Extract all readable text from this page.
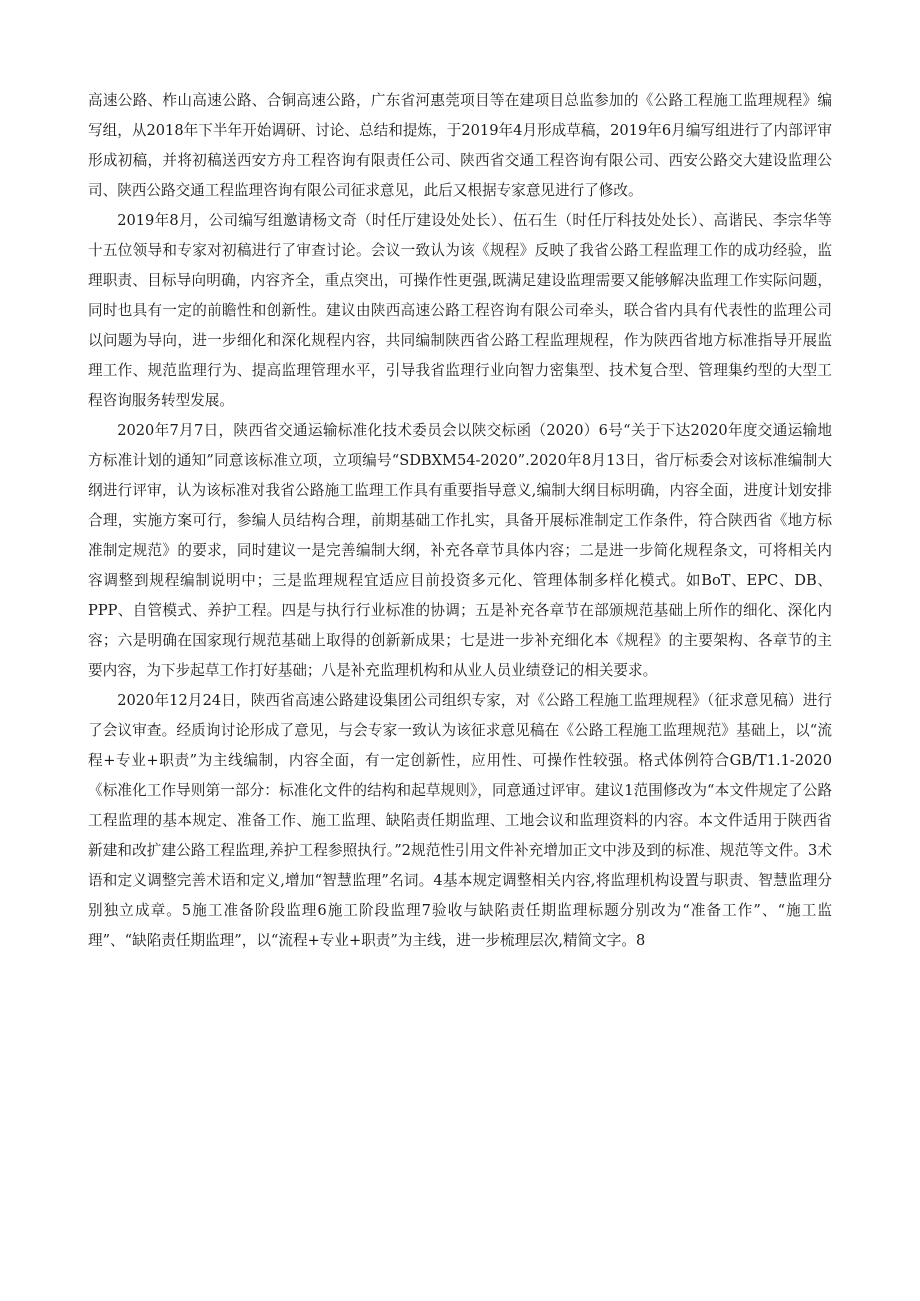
高速公路、柞山高速公路、合铜高速公路，广东省河惠莞项目等在建项目总监参加的《公路工程施工监理规程》编写组，从2018年下半年开始调研、讨论、总结和提炼，于2019年4月形成草稿，2019年6月编写组进行了内部评审形成初稿，并将初稿送西安方舟工程咨询有限责任公司、陕西省交通工程咨询有限公司、西安公路交大建设监理公司、陕西公路交通工程监理咨询有限公司征求意见，此后又根据专家意见进行了修改。

2019年8月，公司编写组邀请杨文奇（时任厅建设处处长）、伍石生（时任厅科技处处长）、高谐民、李宗华等十五位领导和专家对初稿进行了审查讨论。会议一致认为该《规程》反映了我省公路工程监理工作的成功经验，监理职责、目标导向明确，内容齐全，重点突出，可操作性更强,既满足建设监理需要又能够解决监理工作实际问题，同时也具有一定的前瞻性和创新性。建议由陕西高速公路工程咨询有限公司牵头，联合省内具有代表性的监理公司以问题为导向，进一步细化和深化规程内容，共同编制陕西省公路工程监理规程，作为陕西省地方标准指导开展监理工作、规范监理行为、提高监理管理水平，引导我省监理行业向智力密集型、技术复合型、管理集约型的大型工程咨询服务转型发展。

2020年7月7日，陕西省交通运输标准化技术委员会以陕交标函（2020）6号“关于下达2020年度交通运输地方标准计划的通知”同意该标准立项，立项编号“SDBXM54-2020”.2020年8月13日，省厅标委会对该标准编制大纲进行评审，认为该标准对我省公路施工监理工作具有重要指导意义,编制大纲目标明确，内容全面，进度计划安排合理，实施方案可行，参编人员结构合理，前期基础工作扎实，具备开展标准制定工作条件，符合陕西省《地方标准制定规范》的要求，同时建议一是完善编制大纲，补充各章节具体内容；二是进一步简化规程条文，可将相关内容调整到规程编制说明中；三是监理规程宜适应目前投资多元化、管理体制多样化模式。如BoT、EPC、DB、PPP、自管模式、养护工程。四是与执行行业标准的协调；五是补充各章节在部颁规范基础上所作的细化、深化内容；六是明确在国家现行规范基础上取得的创新新成果；七是进一步补充细化本《规程》的主要架构、各章节的主要内容，为下步起草工作打好基础；八是补充监理机构和从业人员业绩登记的相关要求。

2020年12月24日，陕西省高速公路建设集团公司组织专家，对《公路工程施工监理规程》（征求意见稿）进行了会议审查。经质询讨论形成了意见，与会专家一致认为该征求意见稿在《公路工程施工监理规范》基础上，以“流程+专业+职责”为主线编制，内容全面，有一定创新性，应用性、可操作性较强。格式体例符合GB/T1.1-2020《标准化工作导则第一部分：标准化文件的结构和起草规则》，同意通过评审。建议1范围修改为“本文件规定了公路工程监理的基本规定、准备工作、施工监理、缺陷责任期监理、工地会议和监理资料的内容。本文件适用于陕西省新建和改扩建公路工程监理,养护工程参照执行。”2规范性引用文件补充增加正文中涉及到的标准、规范等文件。3术语和定义调整完善术语和定义,增加“智慧监理”名词。4基本规定调整相关内容,将监理机构设置与职责、智慧监理分别独立成章。5施工准备阶段监理6施工阶段监理7验收与缺陷责任期监理标题分别改为“准备工作”、“施工监理”、“缺陷责任期监理”，以“流程+专业+职责”为主线，进一步梳理层次,精简文字。8
